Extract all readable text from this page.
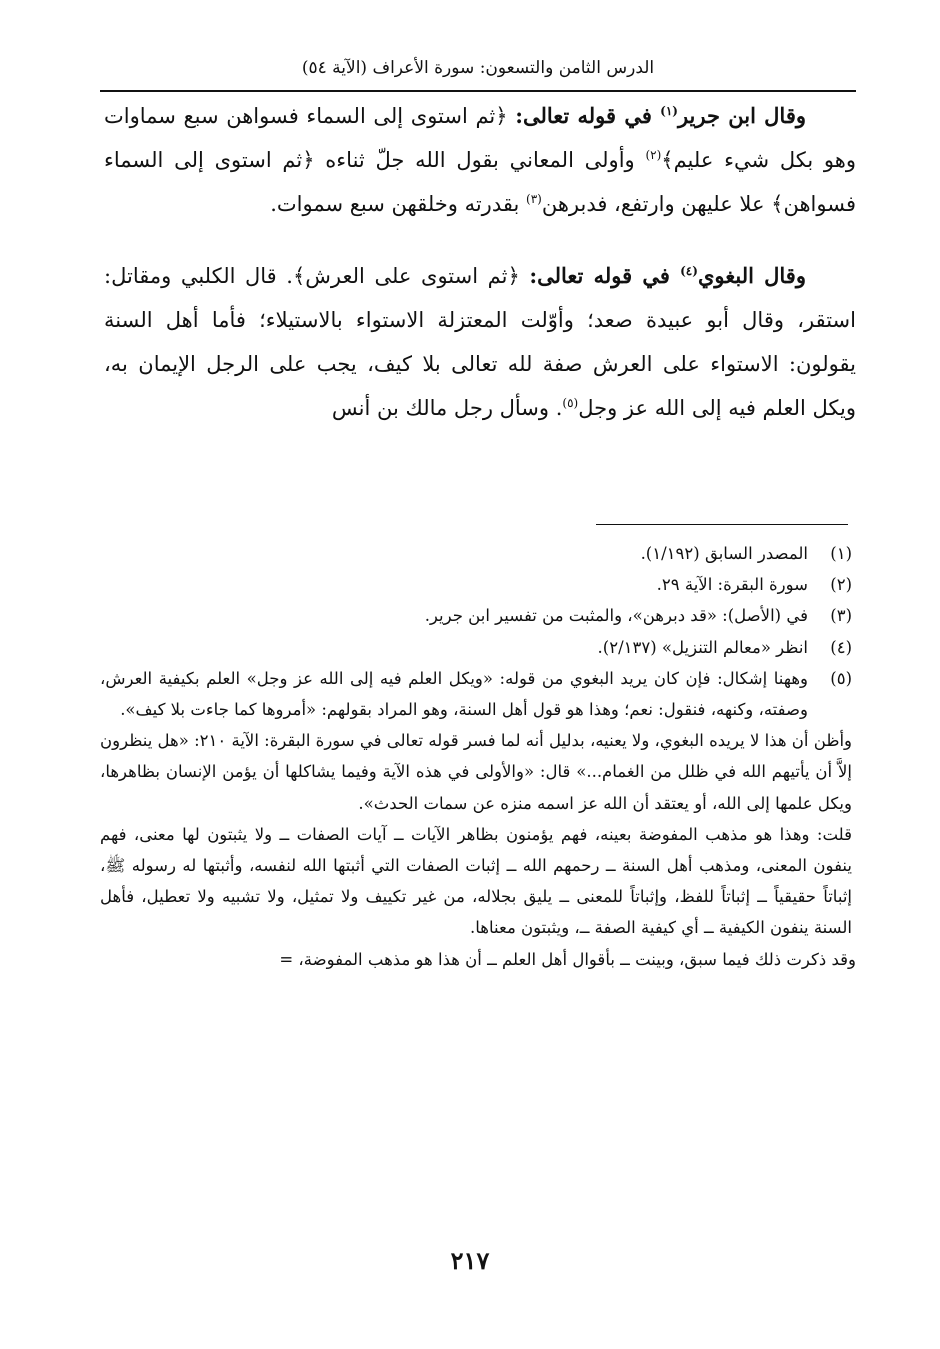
الدرس الثامن والتسعون: سورة الأعراف (الآية ٥٤)

وقال ابن جرير$^{(١)}$ في قوله تعالى: ﴿ثم استوى إلى السماء فسواهن سبع سماوات وهو بكل شيء عليم﴾$^{(٢)}$ وأولى المعاني بقول الله جلّ ثناءه ﴿ثم استوى إلى السماء فسواهن﴾ علا عليهن وارتفع، فدبرهن$^{(٣)}$ بقدرته وخلقهن سبع سموات.

وقال البغوي$^{(٤)}$ في قوله تعالى: ﴿ثم استوى على العرش﴾. قال الكلبي ومقاتل: استقر، وقال أبو عبيدة صعد؛ وأوّلت المعتزلة الاستواء بالاستيلاء؛ فأما أهل السنة يقولون: الاستواء على العرش صفة لله تعالى بلا كيف، يجب على الرجل الإيمان به، ويكل العلم فيه إلى الله عز وجل$^{(٥)}$. وسأل رجل مالك بن أنس

(١)
المصدر السابق (١/١٩٢).

(٢)
سورة البقرة: الآية ٢٩.

(٣)
في (الأصل): «قد دبرهن»، والمثبت من تفسير ابن جرير.

(٤)
انظر «معالم التنزيل» (٢/١٣٧).

(٥)
وههنا إشكال: فإن كان يريد البغوي من قوله: «ويكل العلم فيه إلى الله عز وجل» العلم بكيفية العرش، وصفته، وكنهه، فنقول: نعم؛ وهذا هو قول أهل السنة، وهو المراد بقولهم: «أمروها كما جاءت بلا كيف».

وأظن أن هذا لا يريده البغوي، ولا يعنيه، بدليل أنه لما فسر قوله تعالى في سورة البقرة: الآية ٢١٠: «هل ينظرون إلاَّ أن يأتيهم الله في ظلل من الغمام...» قال: «والأولى في هذه الآية وفيما يشاكلها أن يؤمن الإنسان بظاهرها، ويكل علمها إلى الله، أو يعتقد أن الله عز اسمه منزه عن سمات الحدث».

قلت: وهذا هو مذهب المفوضة بعينه، فهم يؤمنون بظاهر الآيات ــ آيات الصفات ــ ولا يثبتون لها معنى، فهم ينفون المعنى، ومذهب أهل السنة ــ رحمهم الله ــ إثبات الصفات التي أثبتها الله لنفسه، وأثبتها له رسوله ﷺ، إثباتاً حقيقياً ــ إثباتاً للفظ، وإثباتاً للمعنى ــ يليق بجلاله، من غير تكييف ولا تمثيل، ولا تشبيه ولا تعطيل، فأهل السنة ينفون الكيفية ــ أي كيفية الصفة ــ، ويثبتون معناها.

وقد ذكرت ذلك فيما سبق، وبينت ــ بأقوال أهل العلم ــ أن هذا هو مذهب المفوضة، =

٢١٧
